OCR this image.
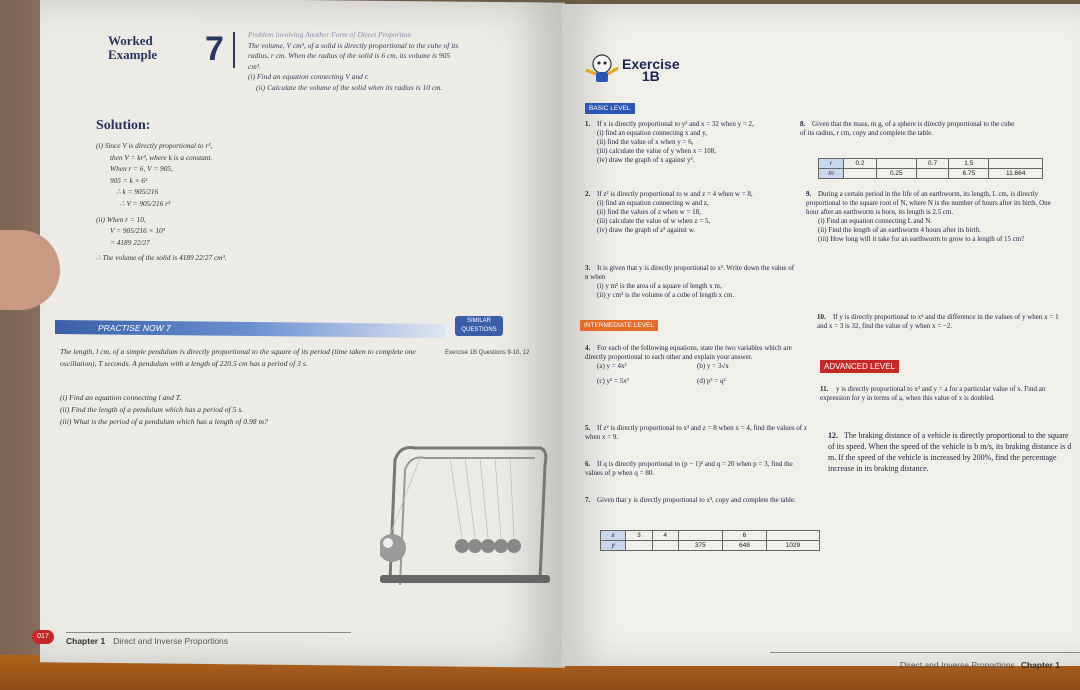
Worked Example	7	Problem involving Another Form of Direct Proportion
The volume, V cm³, of a solid is directly proportional to the cube of its radius, r cm. When the radius of the solid is 6 cm, its volume is 905 cm³.
(i) Find an equation connecting V and r.
(ii) Calculate the volume of the solid when its radius is 10 cm.
Solution:
(i) Since V is directly proportional to r³,
then V = kr³, where k is a constant.
When r = 6, V = 905,
905 = k × 6³
∴ k = 905/216
∴ V = 905/216 r³
(ii) When r = 10,
V = 905/216 × 10³
= 4189 22/27
∴ The volume of the solid is 4189 22/27 cm³.
PRACTISE NOW 7
SIMILAR QUESTIONS
Exercise 1B Questions 9-10, 12
The length, l cm, of a simple pendulum is directly proportional to the square of its period (time taken to complete one oscillation), T seconds. A pendulum with a length of 220.5 cm has a period of 3 s.
(i) Find an equation connecting l and T.
(ii) Find the length of a pendulum which has a period of 5 s.
(iii) What is the period of a pendulum which has a length of 0.98 m?
017	Chapter 1 Direct and Inverse Proportions
Exercise
1B
BASIC LEVEL
1. If x is directly proportional to y² and x = 32 when y = 2,
(i) find an equation connecting x and y,
(ii) find the value of x when y = 6,
(iii) calculate the value of y when x = 108,
(iv) draw the graph of x against y².
2. If z² is directly proportional to w and z = 4 when w = 8,
(i) find an equation connecting w and z,
(ii) find the values of z when w = 18,
(iii) calculate the value of w when z = 5,
(iv) draw the graph of z² against w.
3. It is given that y is directly proportional to x². Write down the value of n when
(i) y m² is the area of a square of length x m,
(ii) y cm³ is the volume of a cube of length x cm.
INTERMEDIATE LEVEL
4. For each of the following equations, state the two variables which are directly proportional to each other and explain your answer.
(a) y = 4x²	(b) y = 3√x
(c) y² = 5x³	(d) p³ = q²
5. If z² is directly proportional to x³ and z = 8 when x = 4, find the values of z when x = 9.
6. If q is directly proportional to (p − 1)² and q = 20 when p = 3, find the values of p when q = 80.
7. Given that y is directly proportional to x³, copy and complete the table.
x	3	4		6	
y			375	648	1029
8. Given that the mass, m g, of a sphere is directly proportional to the cube of its radius, r cm, copy and complete the table.
r	0.2		0.7	1.5	
m		0.25		6.75	11.664
9. During a certain period in the life of an earthworm, its length, L cm, is directly proportional to the square root of N, where N is the number of hours after its birth. One hour after an earthworm is born, its length is 2.5 cm.
(i) Find an equation connecting L and N.
(ii) Find the length of an earthworm 4 hours after its birth.
(iii) How long will it take for an earthworm to grow to a length of 15 cm?
10. If y is directly proportional to x² and the difference in the values of y when x = 1 and x = 3 is 32, find the value of y when x = −2.
ADVANCED LEVEL
11. y is directly proportional to x² and y = a for a particular value of x. Find an expression for y in terms of a, when this value of x is doubled.
12. The braking distance of a vehicle is directly proportional to the square of its speed. When the speed of the vehicle is b m/s, its braking distance is d m. If the speed of the vehicle is increased by 200%, find the percentage increase in its braking distance.
Direct and Inverse Proportions Chapter 1
